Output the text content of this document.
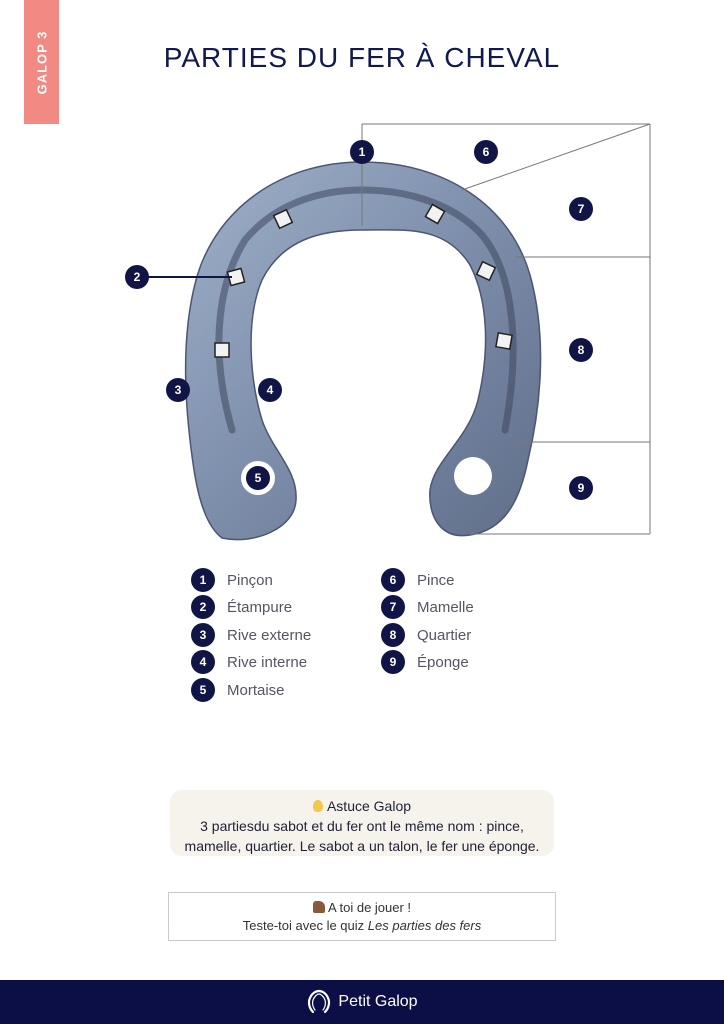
GALOP 3	PARTIES DU FER À CHEVAL
1
2
3	4
5
6
7
8
9
1	Pinçon
2	Étampure
3	Rive externe
4	Rive interne
5	Mortaise
6	Pince
7	Mamelle
8	Quartier
9	Éponge
Astuce Galop
3 partiesdu sabot et du fer ont le même nom : pince,
mamelle, quartier. Le sabot a un talon, le fer une éponge.
A toi de jouer !
Teste-toi avec le quiz Les parties des fers
Petit Galop
